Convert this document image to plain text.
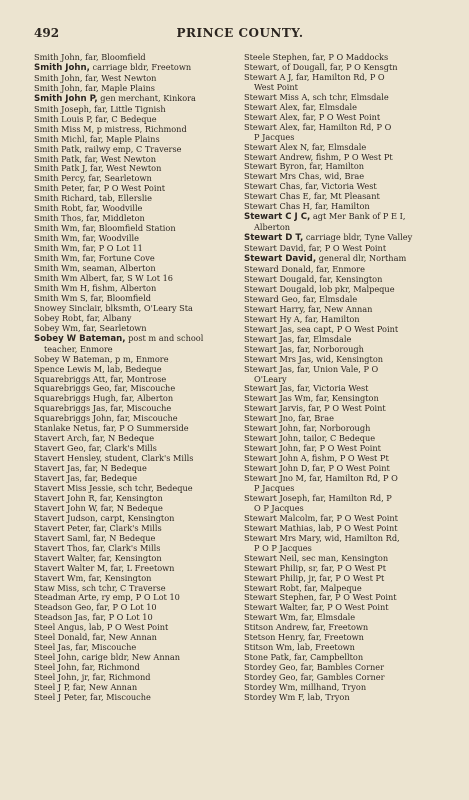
492	PRINCE COUNTY.
Smith John, far, Bloomfield
Smith John, carriage bldr, Freetown
Smith John, far, West Newton
Smith John, far, Maple Plains
Smith John P, gen merchant, Kinkora
Smith Joseph, far, Little Tignish
Smith Louis P, far, C Bedeque
Smith Miss M, p mistress, Richmond
Smith Michl, far, Maple Plains
Smith Patk, railwy emp, C Traverse
Smith Patk, far, West Newton
Smith Patk J, far, West Newton
Smith Percy, far, Searletown
Smith Peter, far, P O West Point
Smith Richard, tab, Ellerslie
Smith Robt, far, Woodville
Smith Thos, far, Middleton
Smith Wm, far, Bloomfield Station
Smith Wm, far, Woodville
Smith Wm, far, P O Lot 11
Smith Wm, far, Fortune Cove
Smith Wm, seaman, Alberton
Smith Wm Albert, far, S W Lot 16
Smith Wm H, fishm, Alberton
Smith Wm S, far, Bloomfield
Snowey Sinclair, blksmth, O'Leary Sta
Sobey Robt, far, Albany
Sobey Wm, far, Searletown
Sobey W Bateman, post m and school
teacher, Enmore
Sobey W Bateman, p m, Enmore
Spence Lewis M, lab, Bedeque
Squarebriggs Att, far, Montrose
Squarebriggs Geo, far, Miscouche
Squarebriggs Hugh, far, Alberton
Squarebriggs Jas, far, Miscouche
Squarebriggs John, far, Miscouche
Stanlake Netus, far, P O Summerside
Stavert Arch, far, N Bedeque
Stavert Geo, far, Clark's Mills
Stavert Hensley, student, Clark's Mills
Stavert Jas, far, N Bedeque
Stavert Jas, far, Bedeque
Stavert Miss Jessie, sch tchr, Bedeque
Stavert John R, far, Kensington
Stavert John W, far, N Bedeque
Stavert Judson, carpt, Kensington
Stavert Peter, far, Clark's Mills
Stavert Saml, far, N Bedeque
Stavert Thos, far, Clark's Mills
Stavert Walter, far, Kensington
Stavert Walter M, far, L Freetown
Stavert Wm, far, Kensington
Staw Miss, sch tchr, C Traverse
Steadman Arte, ry emp, P O Lot 10
Steadson Geo, far, P O Lot 10
Steadson Jas, far, P O Lot 10
Steel Angus, lab, P O West Point
Steel Donald, far, New Annan
Steel Jas, far, Miscouche
Steel John, carige bldr, New Annan
Steel John, far, Richmond
Steel John, jr, far, Richmond
Steel J P, far, New Annan
Steel J Peter, far, Miscouche
Steele Stephen, far, P O Maddocks
Stewart, of Dougall, far, P O Kensgtn
Stewart A J, far, Hamilton Rd, P O
West Point
Stewart Miss A, sch tchr, Elmsdale
Stewart Alex, far, Elmsdale
Stewart Alex, far, P O West Point
Stewart Alex, far, Hamilton Rd, P O
P Jacques
Stewart Alex N, far, Elmsdale
Stewart Andrew, fishm, P O West Pt
Stewart Byron, far, Hamilton
Stewart Mrs Chas, wid, Brae
Stewart Chas, far, Victoria West
Stewart Chas E, far, Mt Pleasant
Stewart Chas H, far, Hamilton
Stewart C J C, agt Mer Bank of P E I,
Alberton
Stewart D T, carriage bldr, Tyne Valley
Stewart David, far, P O West Point
Stewart David, general dlr, Northam
Steward Donald, far, Enmore
Stewart Dougald, far, Kensington
Stewart Dougald, lob pkr, Malpeque
Steward Geo, far, Elmsdale
Stewart Harry, far, New Annan
Stewart Hy A, far, Hamilton
Stewart Jas, sea capt, P O West Point
Stewart Jas, far, Elmsdale
Stewart Jas, far, Norborough
Stewart Mrs Jas, wid, Kensington
Stewart Jas, far, Union Vale, P O
O'Leary
Stewart Jas, far, Victoria West
Stewart Jas Wm, far, Kensington
Stewart Jarvis, far, P O West Point
Stewart Jno, far, Brae
Stewart John, far, Norborough
Stewart John, tailor, C Bedeque
Stewart John, far, P O West Point
Stewart John A, fishm, P O West Pt
Stewart John D, far, P O West Point
Stewart Jno M, far, Hamilton Rd, P O
P Jacques
Stewart Joseph, far, Hamilton Rd, P
O P Jacques
Stewart Malcolm, far, P O West Point
Stewart Mathias, lab, P O West Point
Stewart Mrs Mary, wid, Hamilton Rd,
P O P Jacques
Stewart Neil, sec man, Kensington
Stewart Philip, sr, far, P O West Pt
Stewart Philip, jr, far, P O West Pt
Stewart Robt, far, Malpeque
Stewart Stephen, far, P O West Point
Stewart Walter, far, P O West Point
Stewart Wm, far, Elmsdale
Stitson Andrew, far, Freetown
Stetson Henry, far, Freetown
Stitson Wm, lab, Freetown
Stone Patk, far, Campbellton
Stordey Geo, far, Bambles Corner
Stordey Geo, far, Gambles Corner
Stordey Wm, millhand, Tryon
Stordey Wm F, lab, Tryon
